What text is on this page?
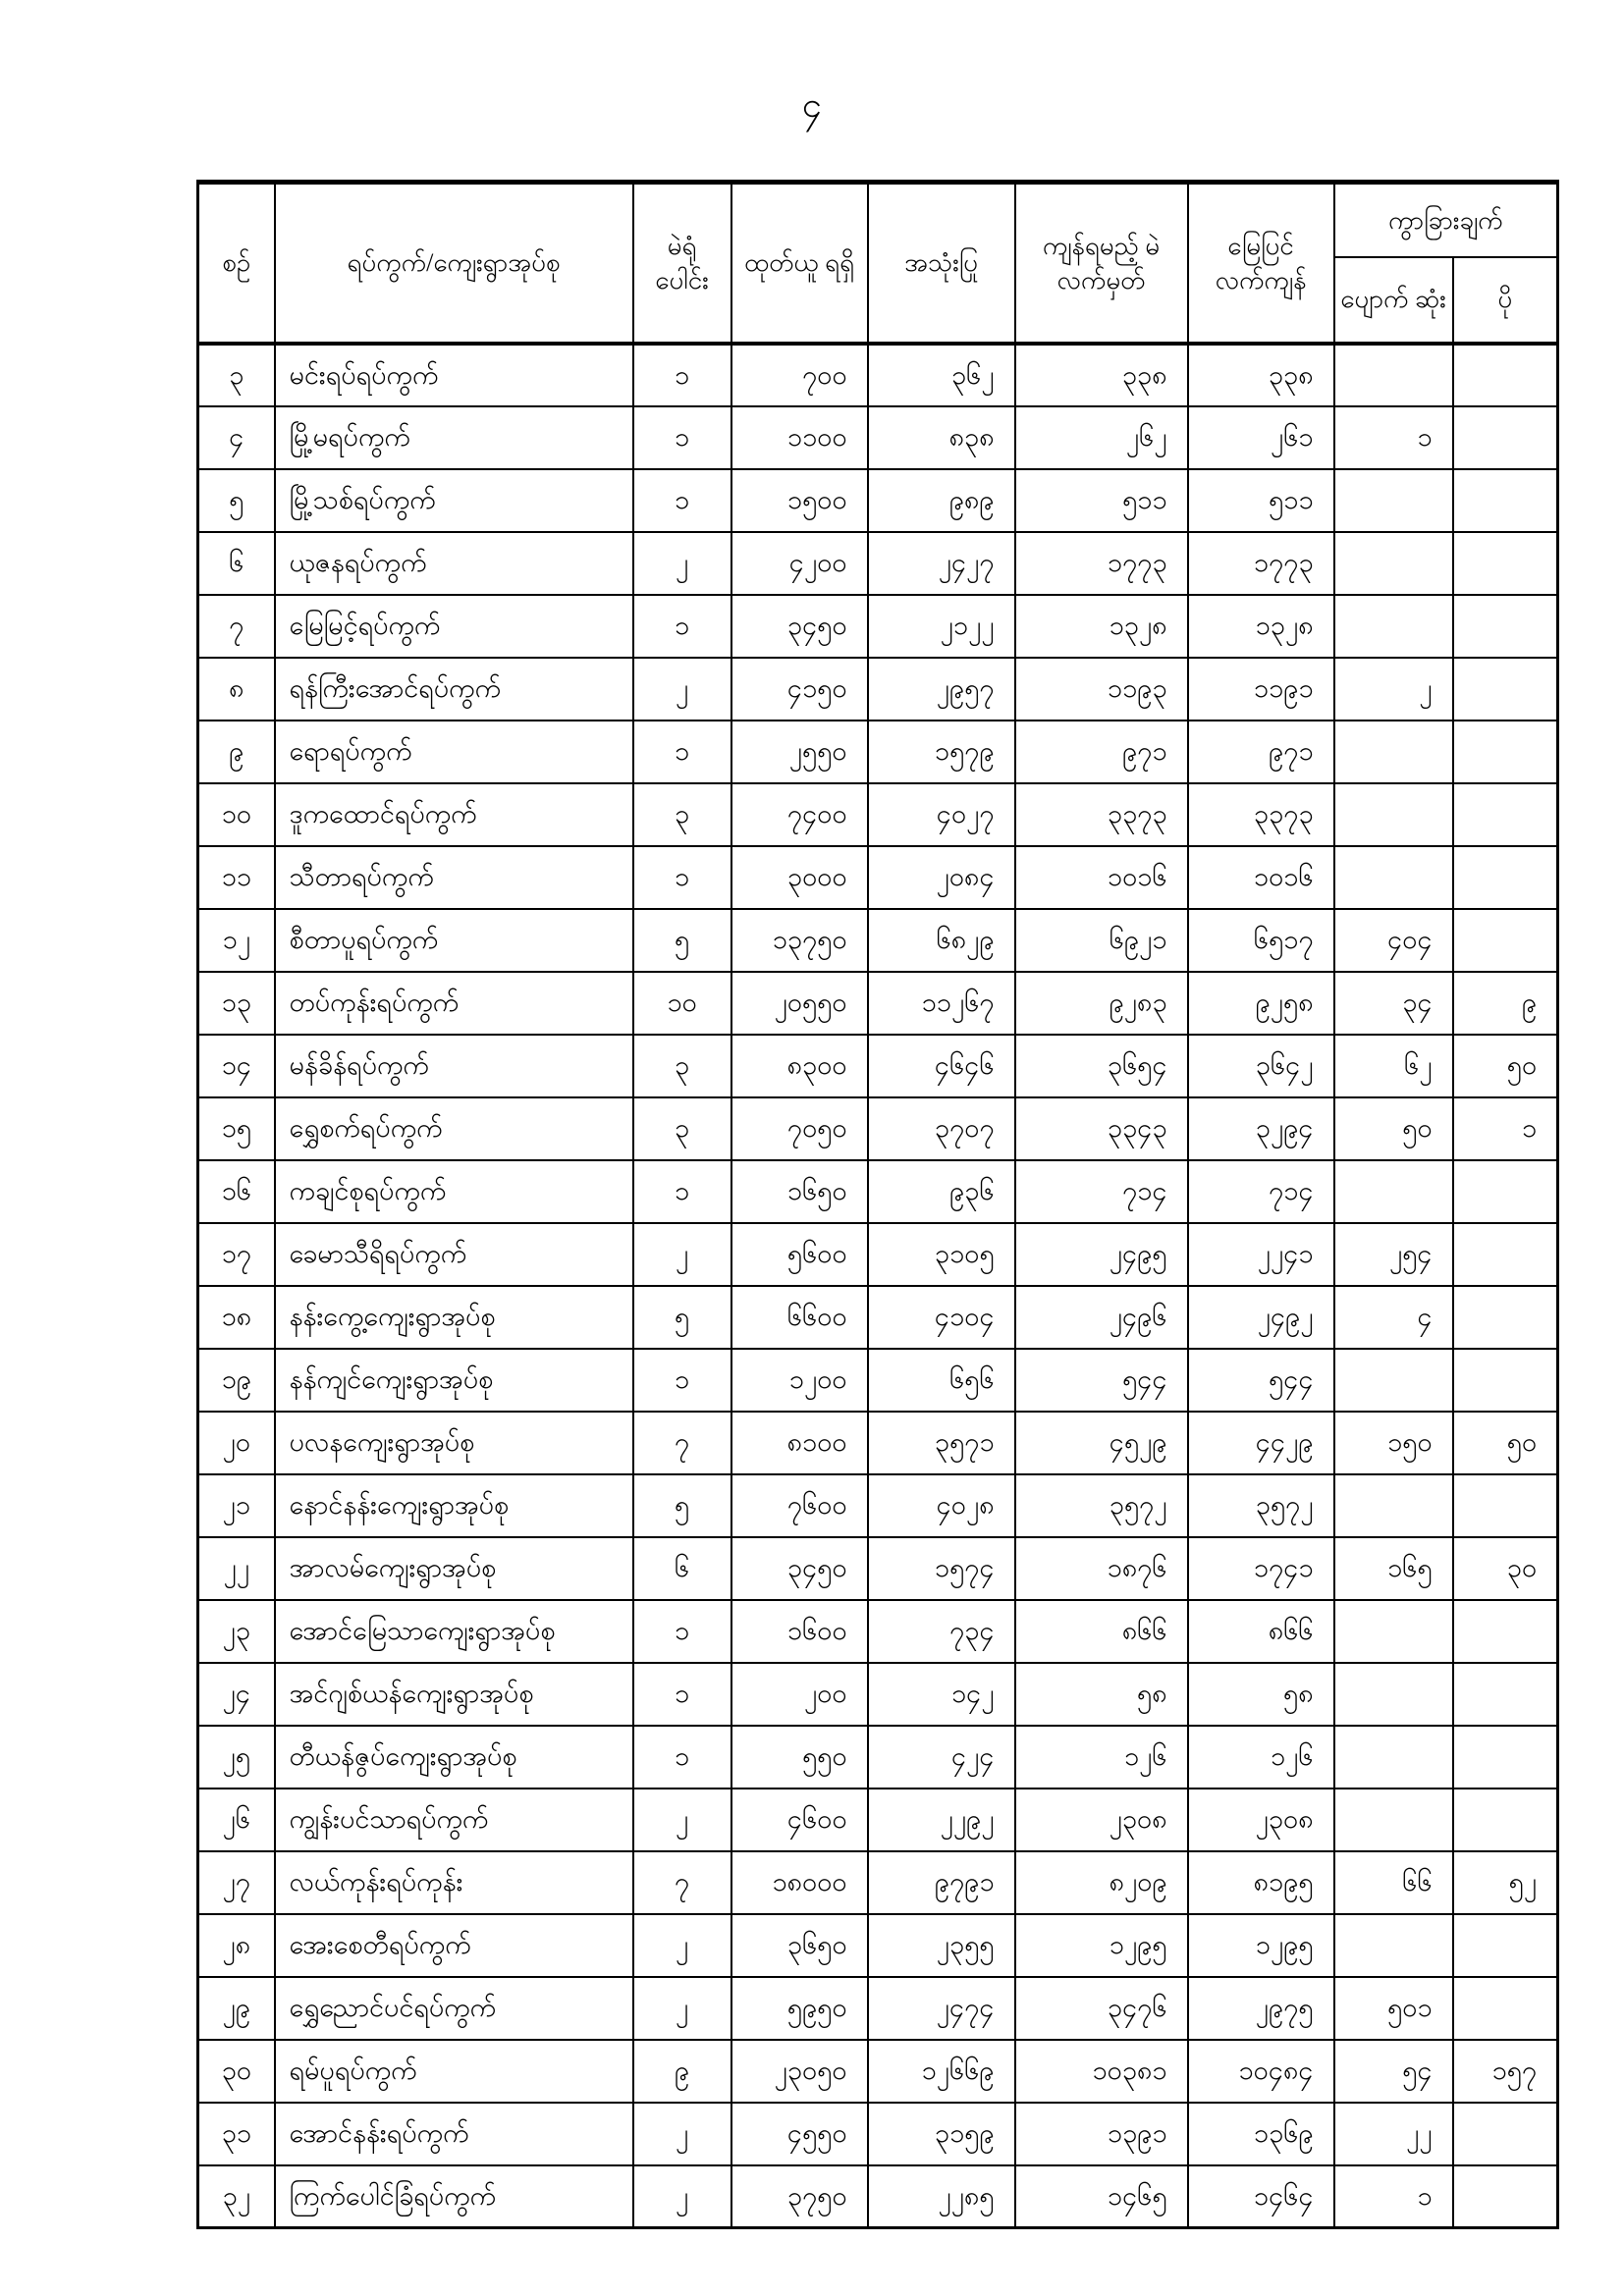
၄
စဉ်	ရပ်ကွက်/ကျေးရွာအုပ်စု	မဲရုံ ပေါင်း	ထုတ်ယူ ရရှိ	အသုံးပြု	ကျန်ရမည့် မဲလက်မှတ်	မြေပြင် လက်ကျန်	ကွာခြားချက်	
							ပျောက် ဆုံး	ပို
၃	မင်းရပ်ရပ်ကွက်	၁	၇၀၀	၃၆၂	၃၃၈	၃၃၈		
၄	မြို့မရပ်ကွက်	၁	၁၁၀၀	၈၃၈	၂၆၂	၂၆၁	၁	
၅	မြို့သစ်ရပ်ကွက်	၁	၁၅၀၀	၉၈၉	၅၁၁	၅၁၁		
၆	ယုဇနရပ်ကွက်	၂	၄၂၀၀	၂၄၂၇	၁၇၇၃	၁၇၇၃		
၇	မြေမြင့်ရပ်ကွက်	၁	၃၄၅၀	၂၁၂၂	၁၃၂၈	၁၃၂၈		
၈	ရန်ကြီးအောင်ရပ်ကွက်	၂	၄၁၅၀	၂၉၅၇	၁၁၉၃	၁၁၉၁	၂	
၉	ရောရပ်ကွက်	၁	၂၅၅၀	၁၅၇၉	၉၇၁	၉၇၁		
၁၀	ဒူကထောင်ရပ်ကွက်	၃	၇၄၀၀	၄၀၂၇	၃၃၇၃	၃၃၇၃		
၁၁	သီတာရပ်ကွက်	၁	၃၀၀၀	၂၀၈၄	၁၀၁၆	၁၀၁၆		
၁၂	စီတာပူရပ်ကွက်	၅	၁၃၇၅၀	၆၈၂၉	၆၉၂၁	၆၅၁၇	၄၀၄	
၁၃	တပ်ကုန်းရပ်ကွက်	၁၀	၂၀၅၅၀	၁၁၂၆၇	၉၂၈၃	၉၂၅၈	၃၄	၉
၁၄	မန်ခိန်ရပ်ကွက်	၃	၈၃၀၀	၄၆၄၆	၃၆၅၄	၃၆၄၂	၆၂	၅၀
၁၅	ရွှေစက်ရပ်ကွက်	၃	၇၀၅၀	၃၇၀၇	၃၃၄၃	၃၂၉၄	၅၀	၁
၁၆	ကချင်စုရပ်ကွက်	၁	၁၆၅၀	၉၃၆	၇၁၄	၇၁၄		
၁၇	ခေမာသီရိရပ်ကွက်	၂	၅၆၀၀	၃၁၀၅	၂၄၉၅	၂၂၄၁	၂၅၄	
၁၈	နန်းကွေ့ကျေးရွာအုပ်စု	၅	၆၆၀၀	၄၁၀၄	၂၄၉၆	၂၄၉၂	၄	
၁၉	နန်ကျင်ကျေးရွာအုပ်စု	၁	၁၂၀၀	၆၅၆	၅၄၄	၅၄၄		
၂၀	ပလနကျေးရွာအုပ်စု	၇	၈၁၀၀	၃၅၇၁	၄၅၂၉	၄၄၂၉	၁၅၀	၅၀
၂၁	နောင်နန်းကျေးရွာအုပ်စု	၅	၇၆၀၀	၄၀၂၈	၃၅၇၂	၃၅၇၂		
၂၂	အာလမ်ကျေးရွာအုပ်စု	၆	၃၄၅၀	၁၅၇၄	၁၈၇၆	၁၇၄၁	၁၆၅	၃၀
၂၃	အောင်မြေသာကျေးရွာအုပ်စု	၁	၁၆၀၀	၇၃၄	၈၆၆	၈၆၆		
၂၄	အင်ဂျစ်ယန်ကျေးရွာအုပ်စု	၁	၂၀၀	၁၄၂	၅၈	၅၈		
၂၅	တီယန်ဇွပ်ကျေးရွာအုပ်စု	၁	၅၅၀	၄၂၄	၁၂၆	၁၂၆		
၂၆	ကျွန်းပင်သာရပ်ကွက်	၂	၄၆၀၀	၂၂၉၂	၂၃၀၈	၂၃၀၈		
၂၇	လယ်ကုန်းရပ်ကုန်း	၇	၁၈၀၀၀	၉၇၉၁	၈၂၀၉	၈၁၉၅	၆၆	၅၂
၂၈	အေးစေတီရပ်ကွက်	၂	၃၆၅၀	၂၃၅၅	၁၂၉၅	၁၂၉၅		
၂၉	ရွှေညောင်ပင်ရပ်ကွက်	၂	၅၉၅၀	၂၄၇၄	၃၄၇၆	၂၉၇၅	၅၀၁	
၃၀	ရမ်ပူရပ်ကွက်	၉	၂၃၀၅၀	၁၂၆၆၉	၁၀၃၈၁	၁၀၄၈၄	၅၄	၁၅၇
၃၁	အောင်နန်းရပ်ကွက်	၂	၄၅၅၀	၃၁၅၉	၁၃၉၁	၁၃၆၉	၂၂	
၃၂	ကြက်ပေါင်ခြံရပ်ကွက်	၂	၃၇၅၀	၂၂၈၅	၁၄၆၅	၁၄၆၄	၁	
